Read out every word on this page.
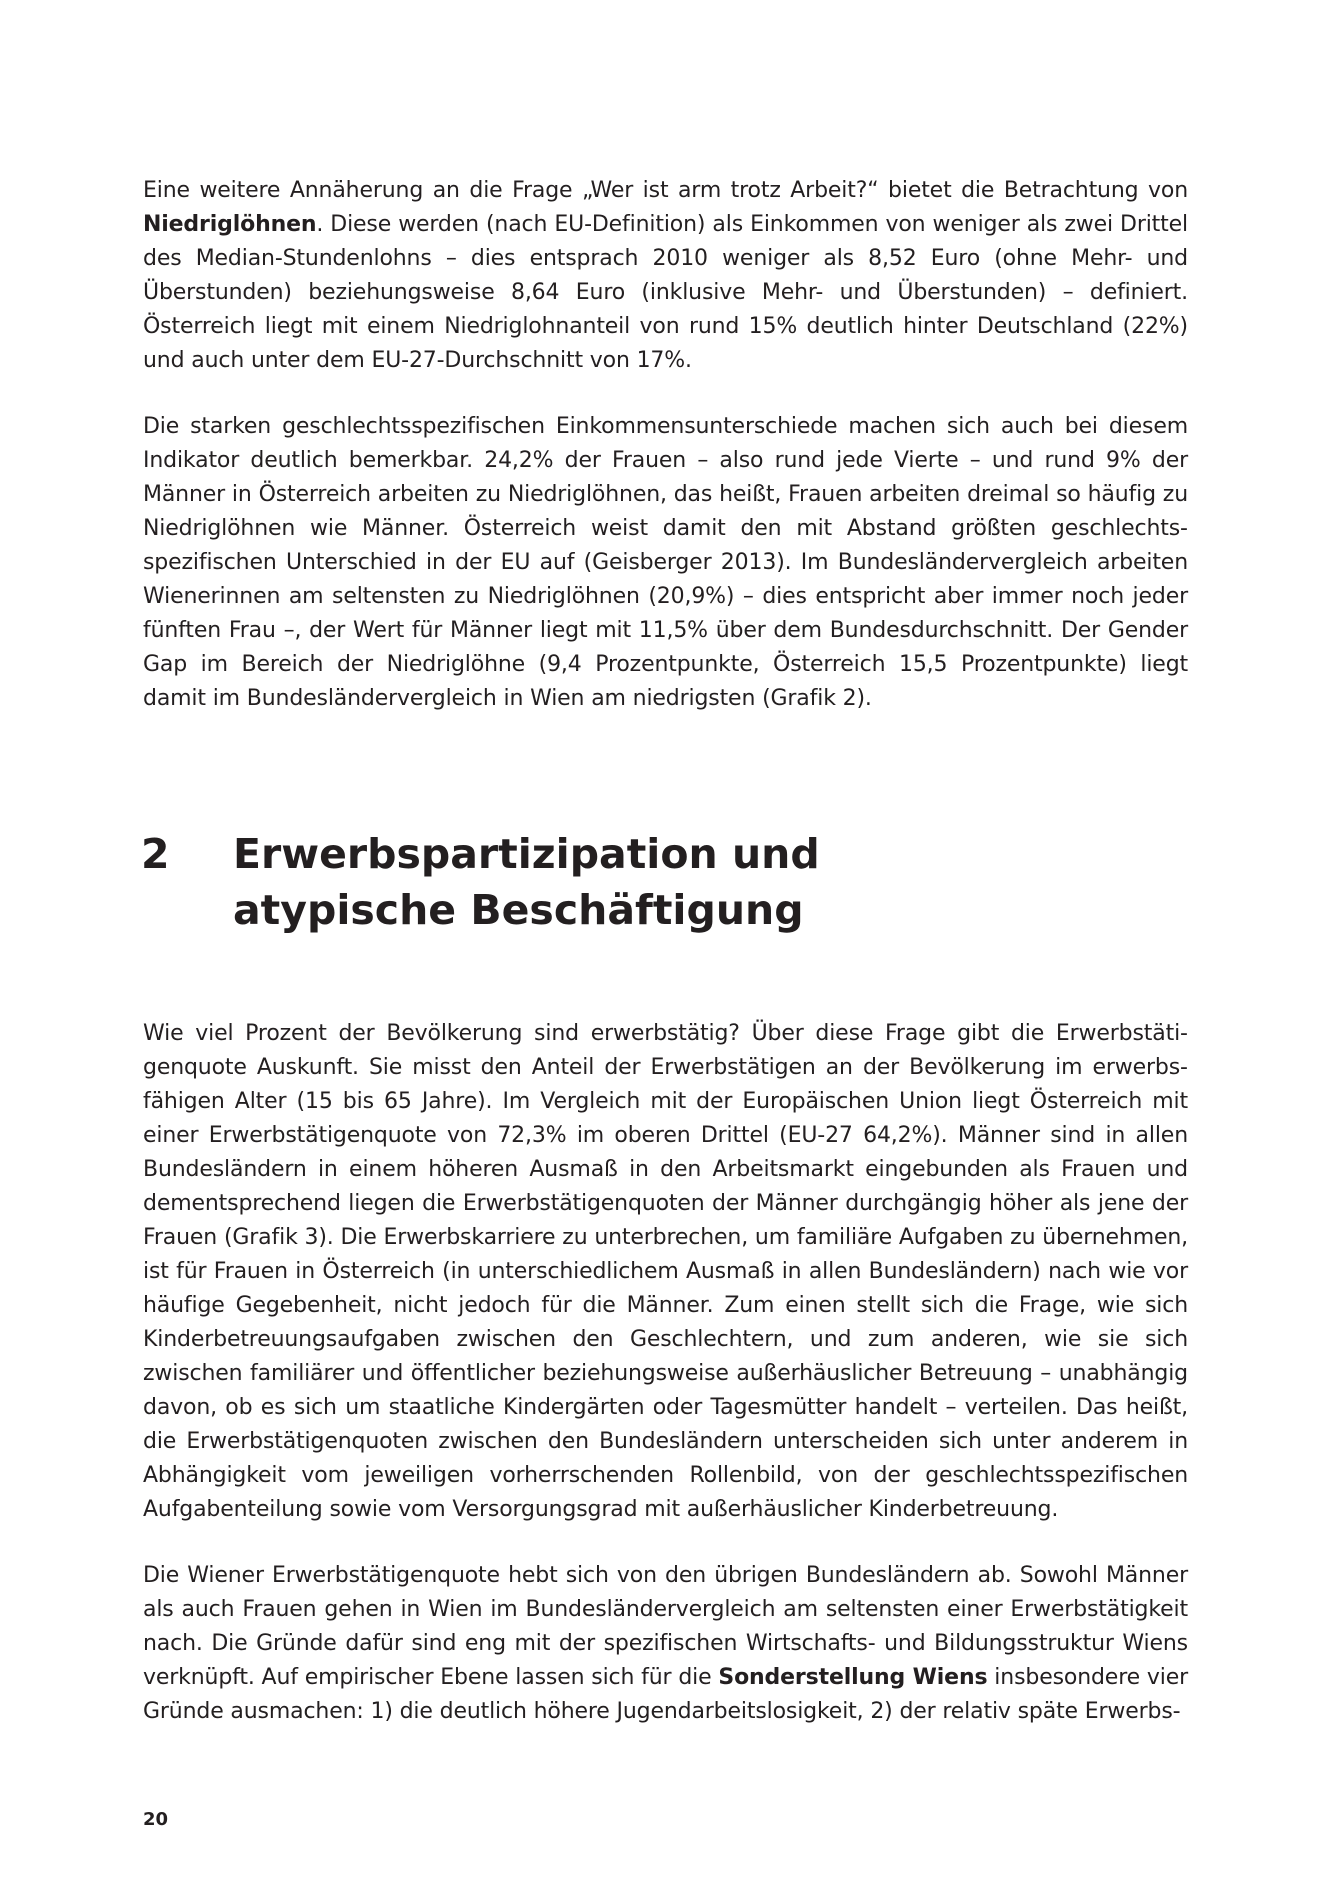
Eine weitere Annäherung an die Frage „Wer ist arm trotz Arbeit?“ bietet die Betrachtung von Niedriglöhnen. Diese werden (nach EU-Definition) als Einkommen von weniger als zwei Drittel des Median-Stundenlohns – dies entsprach 2010 weniger als 8,52 Euro (ohne Mehr- und Überstunden) beziehungsweise 8,64 Euro (inklusive Mehr- und Überstunden) – definiert. Österreich liegt mit einem Niedriglohnanteil von rund 15% deutlich hinter Deutschland (22%) und auch unter dem EU-27-Durchschnitt von 17%.

Die starken geschlechtsspezifischen Einkommensunterschiede machen sich auch bei diesem Indikator deutlich bemerkbar. 24,2% der Frauen – also rund jede Vierte – und rund 9% der Männer in Österreich arbeiten zu Niedriglöhnen, das heißt, Frauen arbeiten dreimal so häufig zu Niedriglöhnen wie Männer. Österreich weist damit den mit Abstand größten geschlechtsspezifischen Unterschied in der EU auf (Geisberger 2013). Im Bundesländervergleich arbeiten Wienerinnen am seltensten zu Niedriglöhnen (20,9%) – dies entspricht aber immer noch jeder fünften Frau –, der Wert für Männer liegt mit 11,5% über dem Bundesdurchschnitt. Der Gender Gap im Bereich der Niedriglöhne (9,4 Prozentpunkte, Österreich 15,5 Prozentpunkte) liegt damit im Bundesländervergleich in Wien am niedrigsten (Grafik 2).

2 Erwerbspartizipation und atypische Beschäftigung

Wie viel Prozent der Bevölkerung sind erwerbstätig? Über diese Frage gibt die Erwerbstätigenquote Auskunft. Sie misst den Anteil der Erwerbstätigen an der Bevölkerung im erwerbsfähigen Alter (15 bis 65 Jahre). Im Vergleich mit der Europäischen Union liegt Österreich mit einer Erwerbstätigenquote von 72,3% im oberen Drittel (EU-27 64,2%). Männer sind in allen Bundesländern in einem höheren Ausmaß in den Arbeitsmarkt eingebunden als Frauen und dementsprechend liegen die Erwerbstätigenquoten der Männer durchgängig höher als jene der Frauen (Grafik 3). Die Erwerbskarriere zu unterbrechen, um familiäre Aufgaben zu übernehmen, ist für Frauen in Österreich (in unterschiedlichem Ausmaß in allen Bundesländern) nach wie vor häufige Gegebenheit, nicht jedoch für die Männer. Zum einen stellt sich die Frage, wie sich Kinderbetreuungsaufgaben zwischen den Geschlechtern, und zum anderen, wie sie sich zwischen familiärer und öffentlicher beziehungsweise außerhäuslicher Betreuung – unabhängig davon, ob es sich um staatliche Kindergärten oder Tagesmütter handelt – verteilen. Das heißt, die Erwerbstätigenquoten zwischen den Bundesländern unterscheiden sich unter anderem in Abhängigkeit vom jeweiligen vorherrschenden Rollenbild, von der geschlechtsspezifischen Aufgabenteilung sowie vom Versorgungsgrad mit außerhäuslicher Kinderbetreuung.

Die Wiener Erwerbstätigenquote hebt sich von den übrigen Bundesländern ab. Sowohl Männer als auch Frauen gehen in Wien im Bundesländervergleich am seltensten einer Erwerbstätigkeit nach. Die Gründe dafür sind eng mit der spezifischen Wirtschafts- und Bildungsstruktur Wiens verknüpft. Auf empirischer Ebene lassen sich für die Sonderstellung Wiens insbesondere vier Gründe ausmachen: 1) die deutlich höhere Jugendarbeitslosigkeit, 2) der relativ späte Erwerbs-

20
